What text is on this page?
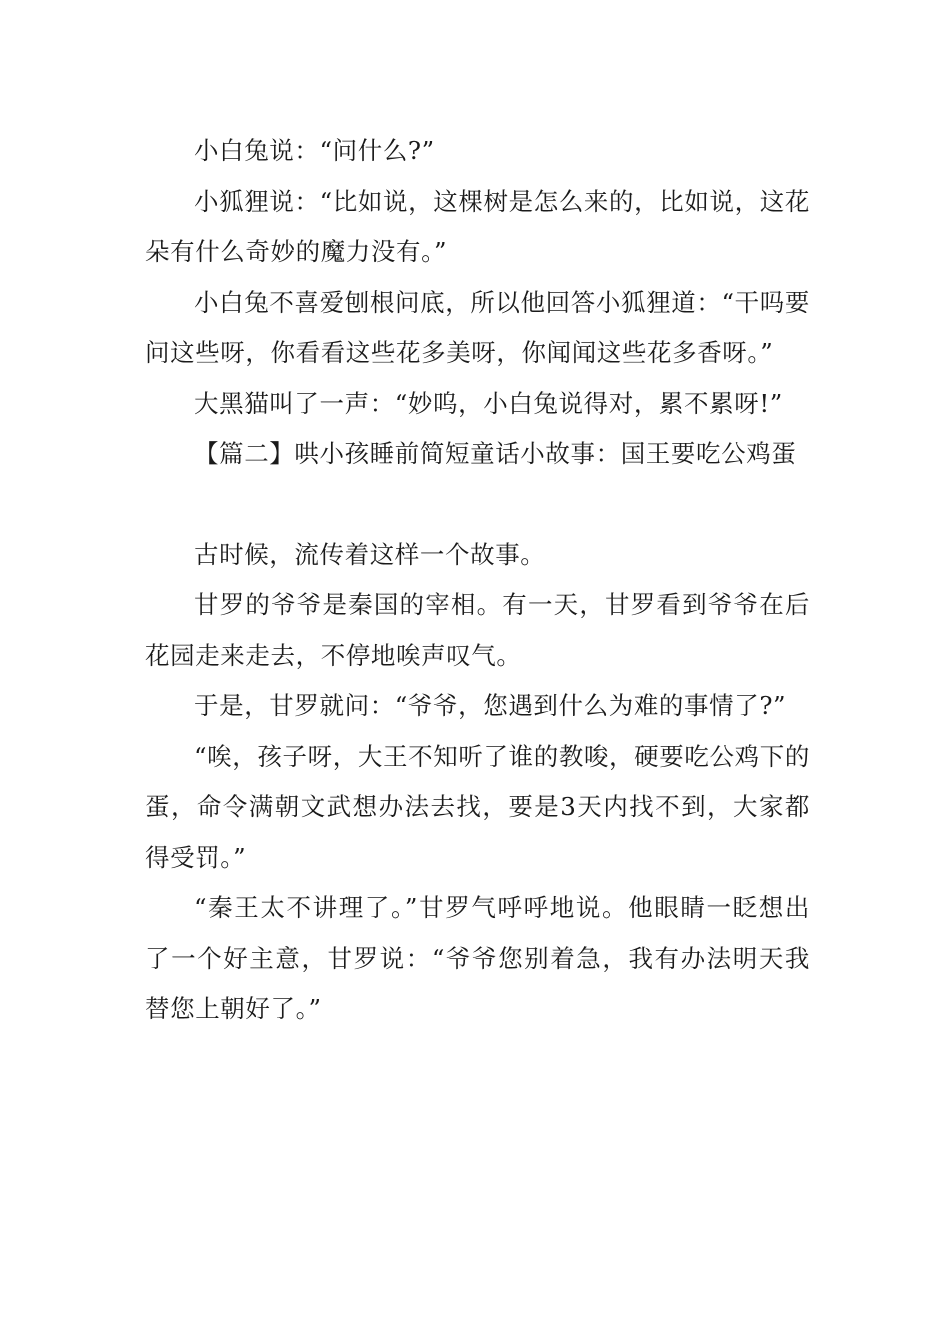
小白兔说：“问什么?”

小狐狸说：“比如说，这棵树是怎么来的，比如说，这花朵有什么奇妙的魔力没有。”

小白兔不喜爱刨根问底，所以他回答小狐狸道：“干吗要问这些呀，你看看这些花多美呀，你闻闻这些花多香呀。”

大黑猫叫了一声：“妙呜，小白兔说得对，累不累呀!”

【篇二】哄小孩睡前简短童话小故事：国王要吃公鸡蛋

古时候，流传着这样一个故事。

甘罗的爷爷是秦国的宰相。有一天，甘罗看到爷爷在后花园走来走去，不停地唉声叹气。

于是，甘罗就问：“爷爷，您遇到什么为难的事情了?”

“唉，孩子呀，大王不知听了谁的教唆，硬要吃公鸡下的蛋，命令满朝文武想办法去找，要是3天内找不到，大家都得受罚。”

“秦王太不讲理了。”甘罗气呼呼地说。他眼睛一眨想出了一个好主意，甘罗说：“爷爷您别着急，我有办法明天我替您上朝好了。”
